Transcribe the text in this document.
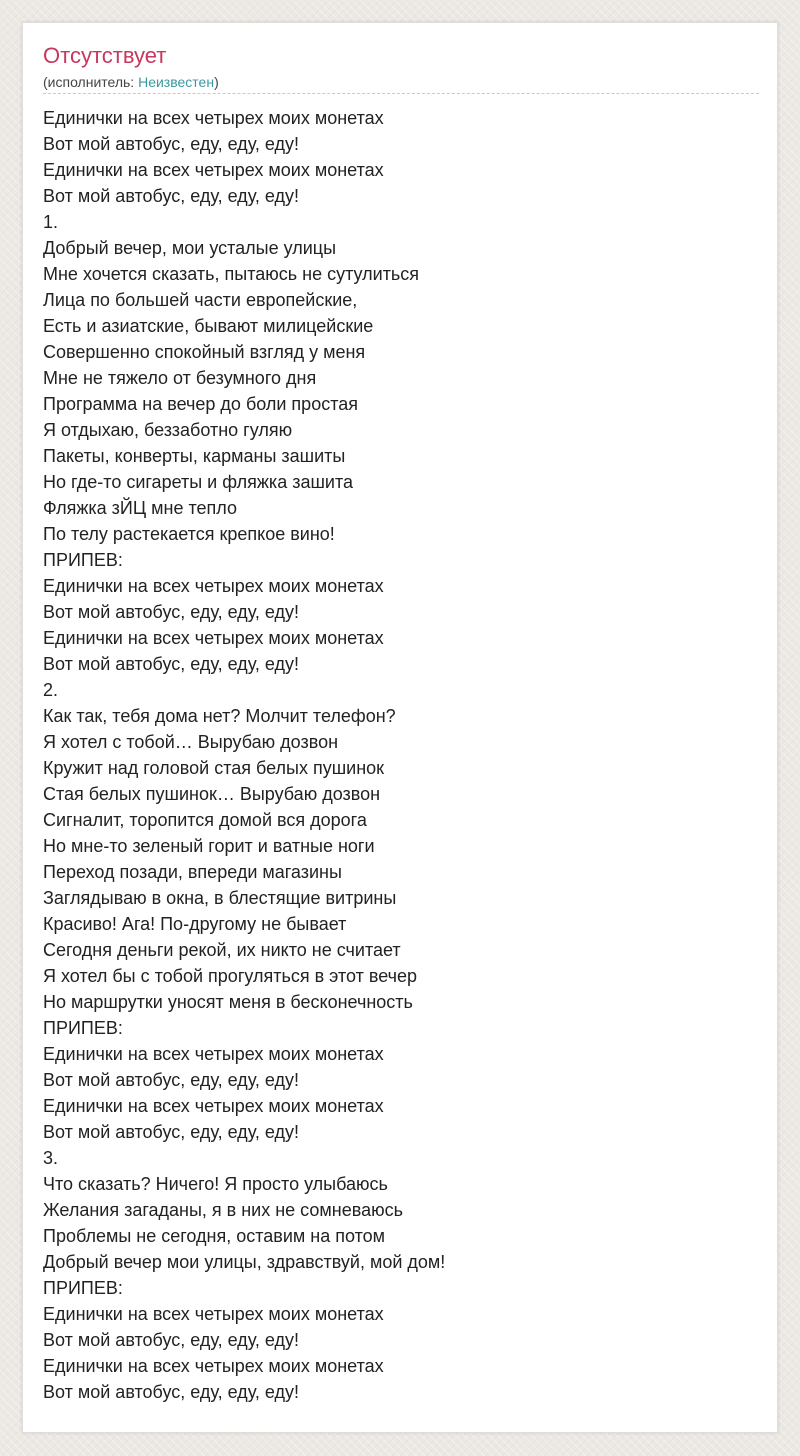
Отсутствует
(исполнитель: Неизвестен)
Единички на всех четырех моих монетах
Вот мой автобус, еду, еду, еду!
Единички на всех четырех моих монетах
Вот мой автобус, еду, еду, еду!
1.
Добрый вечер, мои усталые улицы
Мне хочется сказать, пытаюсь не сутулиться
Лица по большей части европейские,
Есть и азиатские, бывают милицейские
Совершенно спокойный взгляд у меня
Мне не тяжело от безумного дня
Программа на вечер до боли простая
Я отдыхаю, беззаботно гуляю
Пакеты, конверты, карманы зашиты
Но где-то сигареты и фляжка зашита
Фляжка зЙЦ мне тепло
По телу растекается крепкое вино!
ПРИПЕВ:
Единички на всех четырех моих монетах
Вот мой автобус, еду, еду, еду!
Единички на всех четырех моих монетах
Вот мой автобус, еду, еду, еду!
2.
Как так, тебя дома нет? Молчит телефон?
Я хотел с тобой… Вырубаю дозвон
Кружит над головой стая белых пушинок
Стая белых пушинок… Вырубаю дозвон
Сигналит, торопится домой вся дорога
Но мне-то зеленый горит и ватные ноги
Переход позади, впереди магазины
Заглядываю в окна, в блестящие витрины
Красиво! Ага! По-другому не бывает
Сегодня деньги рекой, их никто не считает
Я хотел бы с тобой прогуляться в этот вечер
Но маршрутки уносят меня в бесконечность
ПРИПЕВ:
Единички на всех четырех моих монетах
Вот мой автобус, еду, еду, еду!
Единички на всех четырех моих монетах
Вот мой автобус, еду, еду, еду!
3.
Что сказать? Ничего! Я просто улыбаюсь
Желания загаданы, я в них не сомневаюсь
Проблемы не сегодня, оставим на потом
Добрый вечер мои улицы, здравствуй, мой дом!
ПРИПЕВ:
Единички на всех четырех моих монетах
Вот мой автобус, еду, еду, еду!
Единички на всех четырех моих монетах
Вот мой автобус, еду, еду, еду!
